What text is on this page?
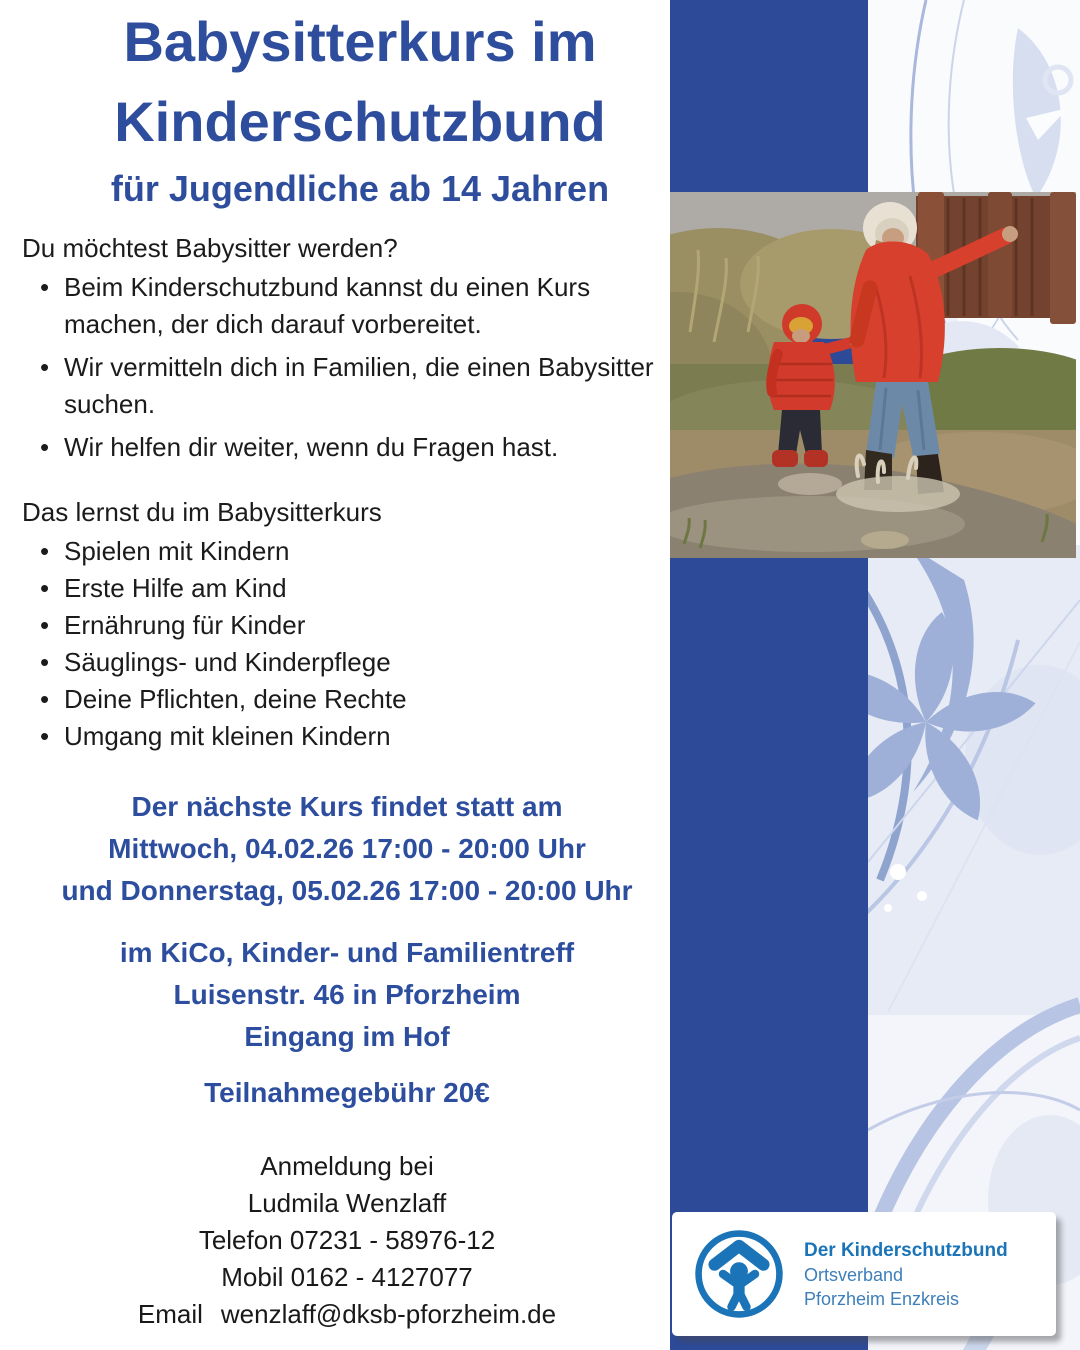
Babysitterkurs im
Kinderschutzbund
für Jugendliche ab 14 Jahren
Du möchtest Babysitter werden?
• Beim Kinderschutzbund kannst du einen Kurs machen, der dich darauf vorbereitet.
• Wir vermitteln dich in Familien, die einen Babysitter suchen.
• Wir helfen dir weiter, wenn du Fragen hast.
Das lernst du im Babysitterkurs
• Spielen mit Kindern
• Erste Hilfe am Kind
• Ernährung für Kinder
• Säuglings- und Kinderpflege
• Deine Pflichten, deine Rechte
• Umgang mit kleinen Kindern
Der nächste Kurs findet statt am
Mittwoch, 04.02.26 17:00 - 20:00 Uhr
und Donnerstag, 05.02.26 17:00 - 20:00 Uhr
im KiCo, Kinder- und Familientreff
Luisenstr. 46 in Pforzheim
Eingang im Hof
Teilnahmegebühr 20€
Anmeldung bei
Ludmila Wenzlaff
Telefon 07231 - 58976-12
Mobil 0162 - 4127077
Email wenzlaff@dksb-pforzheim.de
Der Kinderschutzbund
Ortsverband
Pforzheim Enzkreis
